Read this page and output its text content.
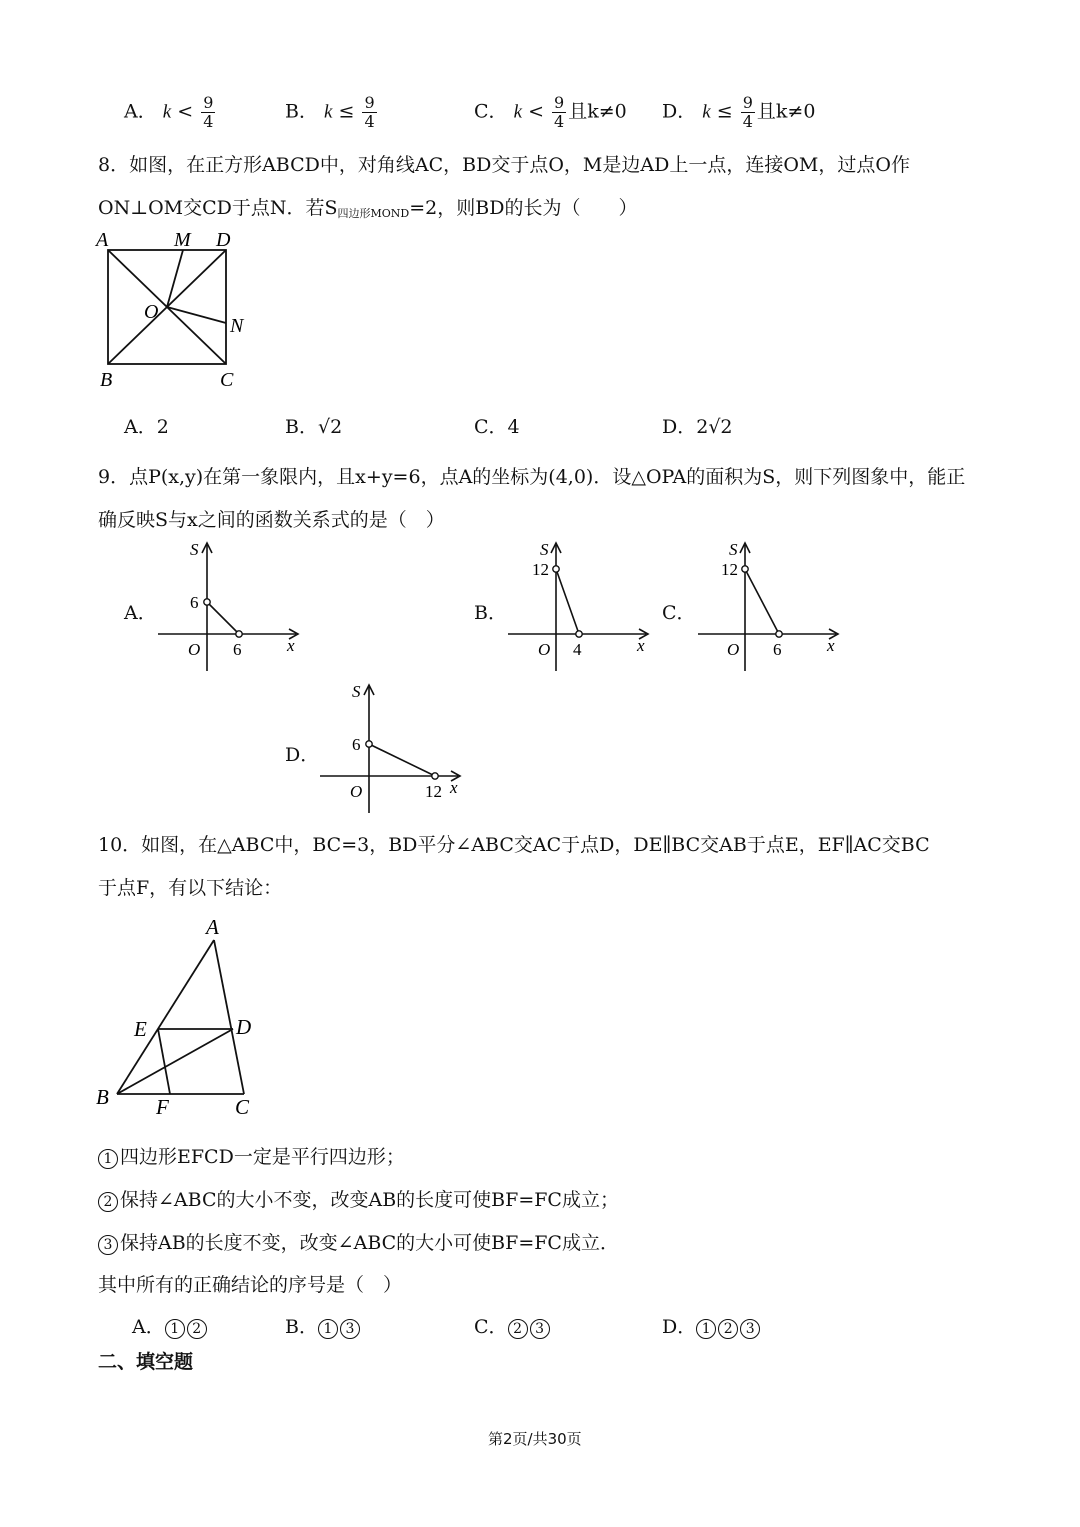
A． $k < \frac{9}{4}$	B． $k \le \frac{9}{4}$	C． $k < \frac{9}{4}$ 且k≠0 D． $k \le \frac{9}{4}$ 且k≠0
8．如图，在正方形ABCD中，对角线AC，BD交于点O，M是边AD上一点，连接OM，过点O作
ON⊥OM交CD于点N．若$S_{四边形MOND}=2$，则BD的长为（　　）
A	M D
O
N
B	C
A．2	B．√2	C．4	D．2√2
9．点P(x,y)在第一象限内，且x+y=6，点A的坐标为(4,0)．设△OPA的面积为S，则下列图象中，能正
确反映S与x之间的函数关系式的是（　）
A．	B．	C．
D．
S
6
O 6	x
S
12
O 4	x
S
12
O 6	x
S
6
O	12 x
10．如图，在△ABC中，BC=3，BD平分∠ABC交AC于点D，DE∥BC交AB于点E，EF∥AC交BC
于点F，有以下结论：
A
E	D
B F	C
1 四边形EFCD一定是平行四边形；
2 保持∠ABC的大小不变，改变AB的长度可使BF=FC成立；
3 保持AB的长度不变，改变∠ABC的大小可使BF=FC成立．
其中所有的正确结论的序号是（　）
A． 1 2	B． 1 3	C． 2 3	D． 1 2 3
二、填空题
第2页/共30页
